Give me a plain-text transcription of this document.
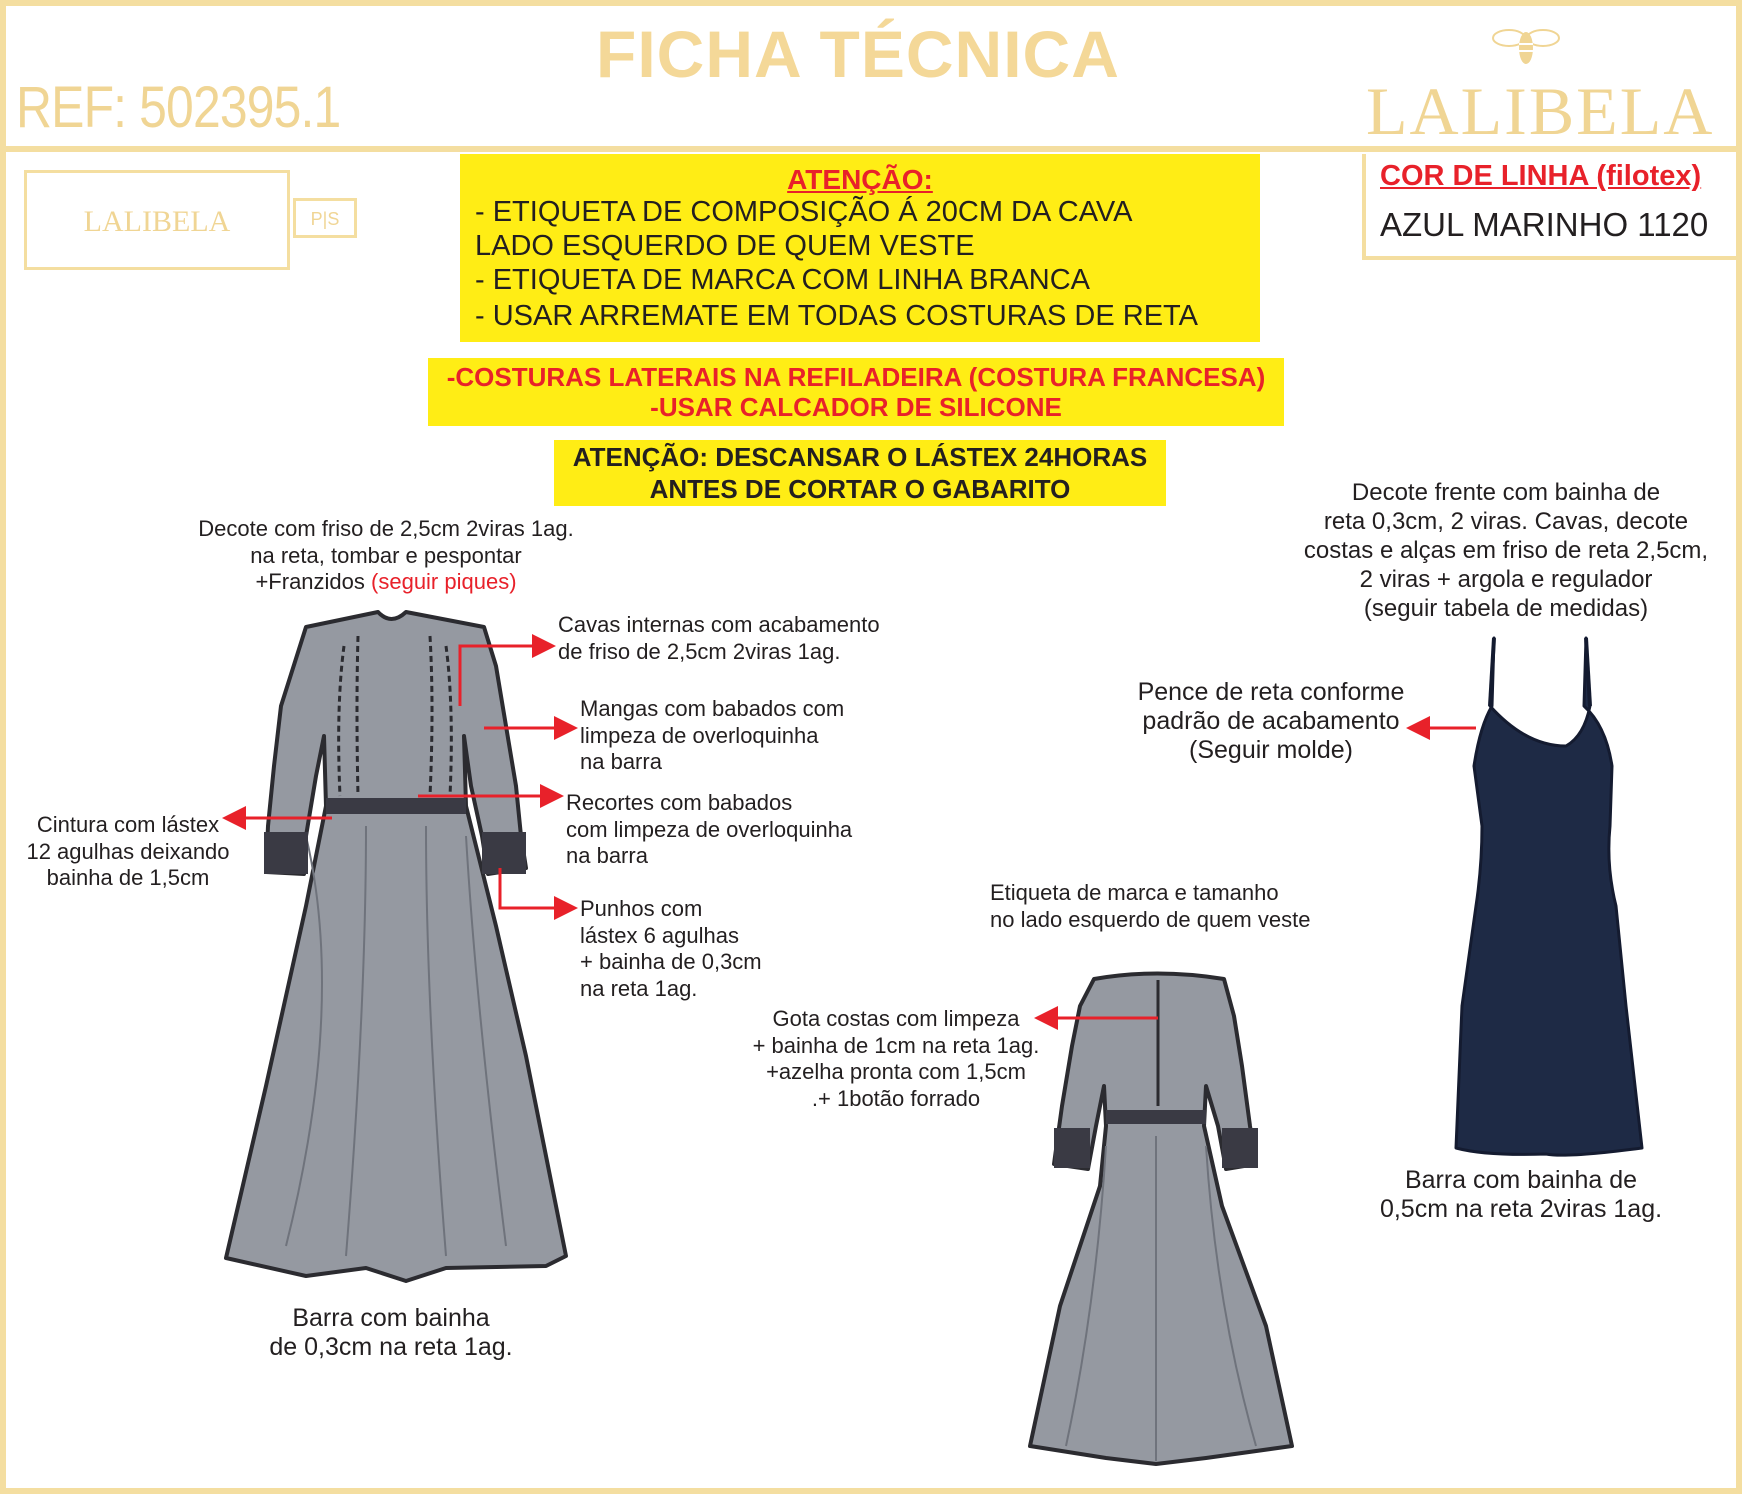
REF: 502395.1
FICHA TÉCNICA
LALIBELA
LALIBELA	P|S
COR DE LINHA (filotex)
AZUL MARINHO 1120
ATENÇÃO:
- ETIQUETA DE COMPOSIÇÃO Á 20CM DA CAVA
LADO ESQUERDO DE QUEM VESTE
- ETIQUETA DE MARCA COM LINHA BRANCA
- USAR ARREMATE EM TODAS COSTURAS DE RETA
-COSTURAS LATERAIS NA REFILADEIRA (COSTURA FRANCESA)
-USAR CALCADOR DE SILICONE
ATENÇÃO: DESCANSAR O LÁSTEX 24HORAS
ANTES DE CORTAR O GABARITO
Decote com friso de 2,5cm 2viras 1ag.
na reta, tombar e pespontar
+Franzidos (seguir piques)
Cavas internas com acabamento
de friso de 2,5cm 2viras 1ag.
Mangas com babados com
limpeza de overloquinha
na barra
Recortes com babados
com limpeza de overloquinha
na barra
Cintura com lástex
12 agulhas deixando
bainha de 1,5cm
Punhos com
lástex 6 agulhas
+ bainha de 0,3cm
na reta 1ag.
Barra com bainha
de 0,3cm na reta 1ag.
Etiqueta de marca e tamanho
no lado esquerdo de quem veste
Gota costas com limpeza
+ bainha de 1cm na reta 1ag.
+azelha pronta com 1,5cm
.+ 1botão forrado
Decote frente com bainha de
reta 0,3cm, 2 viras. Cavas, decote
costas e alças em friso de reta 2,5cm,
2 viras + argola e regulador
(seguir tabela de medidas)
Pence de reta conforme
padrão de acabamento
(Seguir molde)
Barra com bainha de
0,5cm na reta 2viras 1ag.
